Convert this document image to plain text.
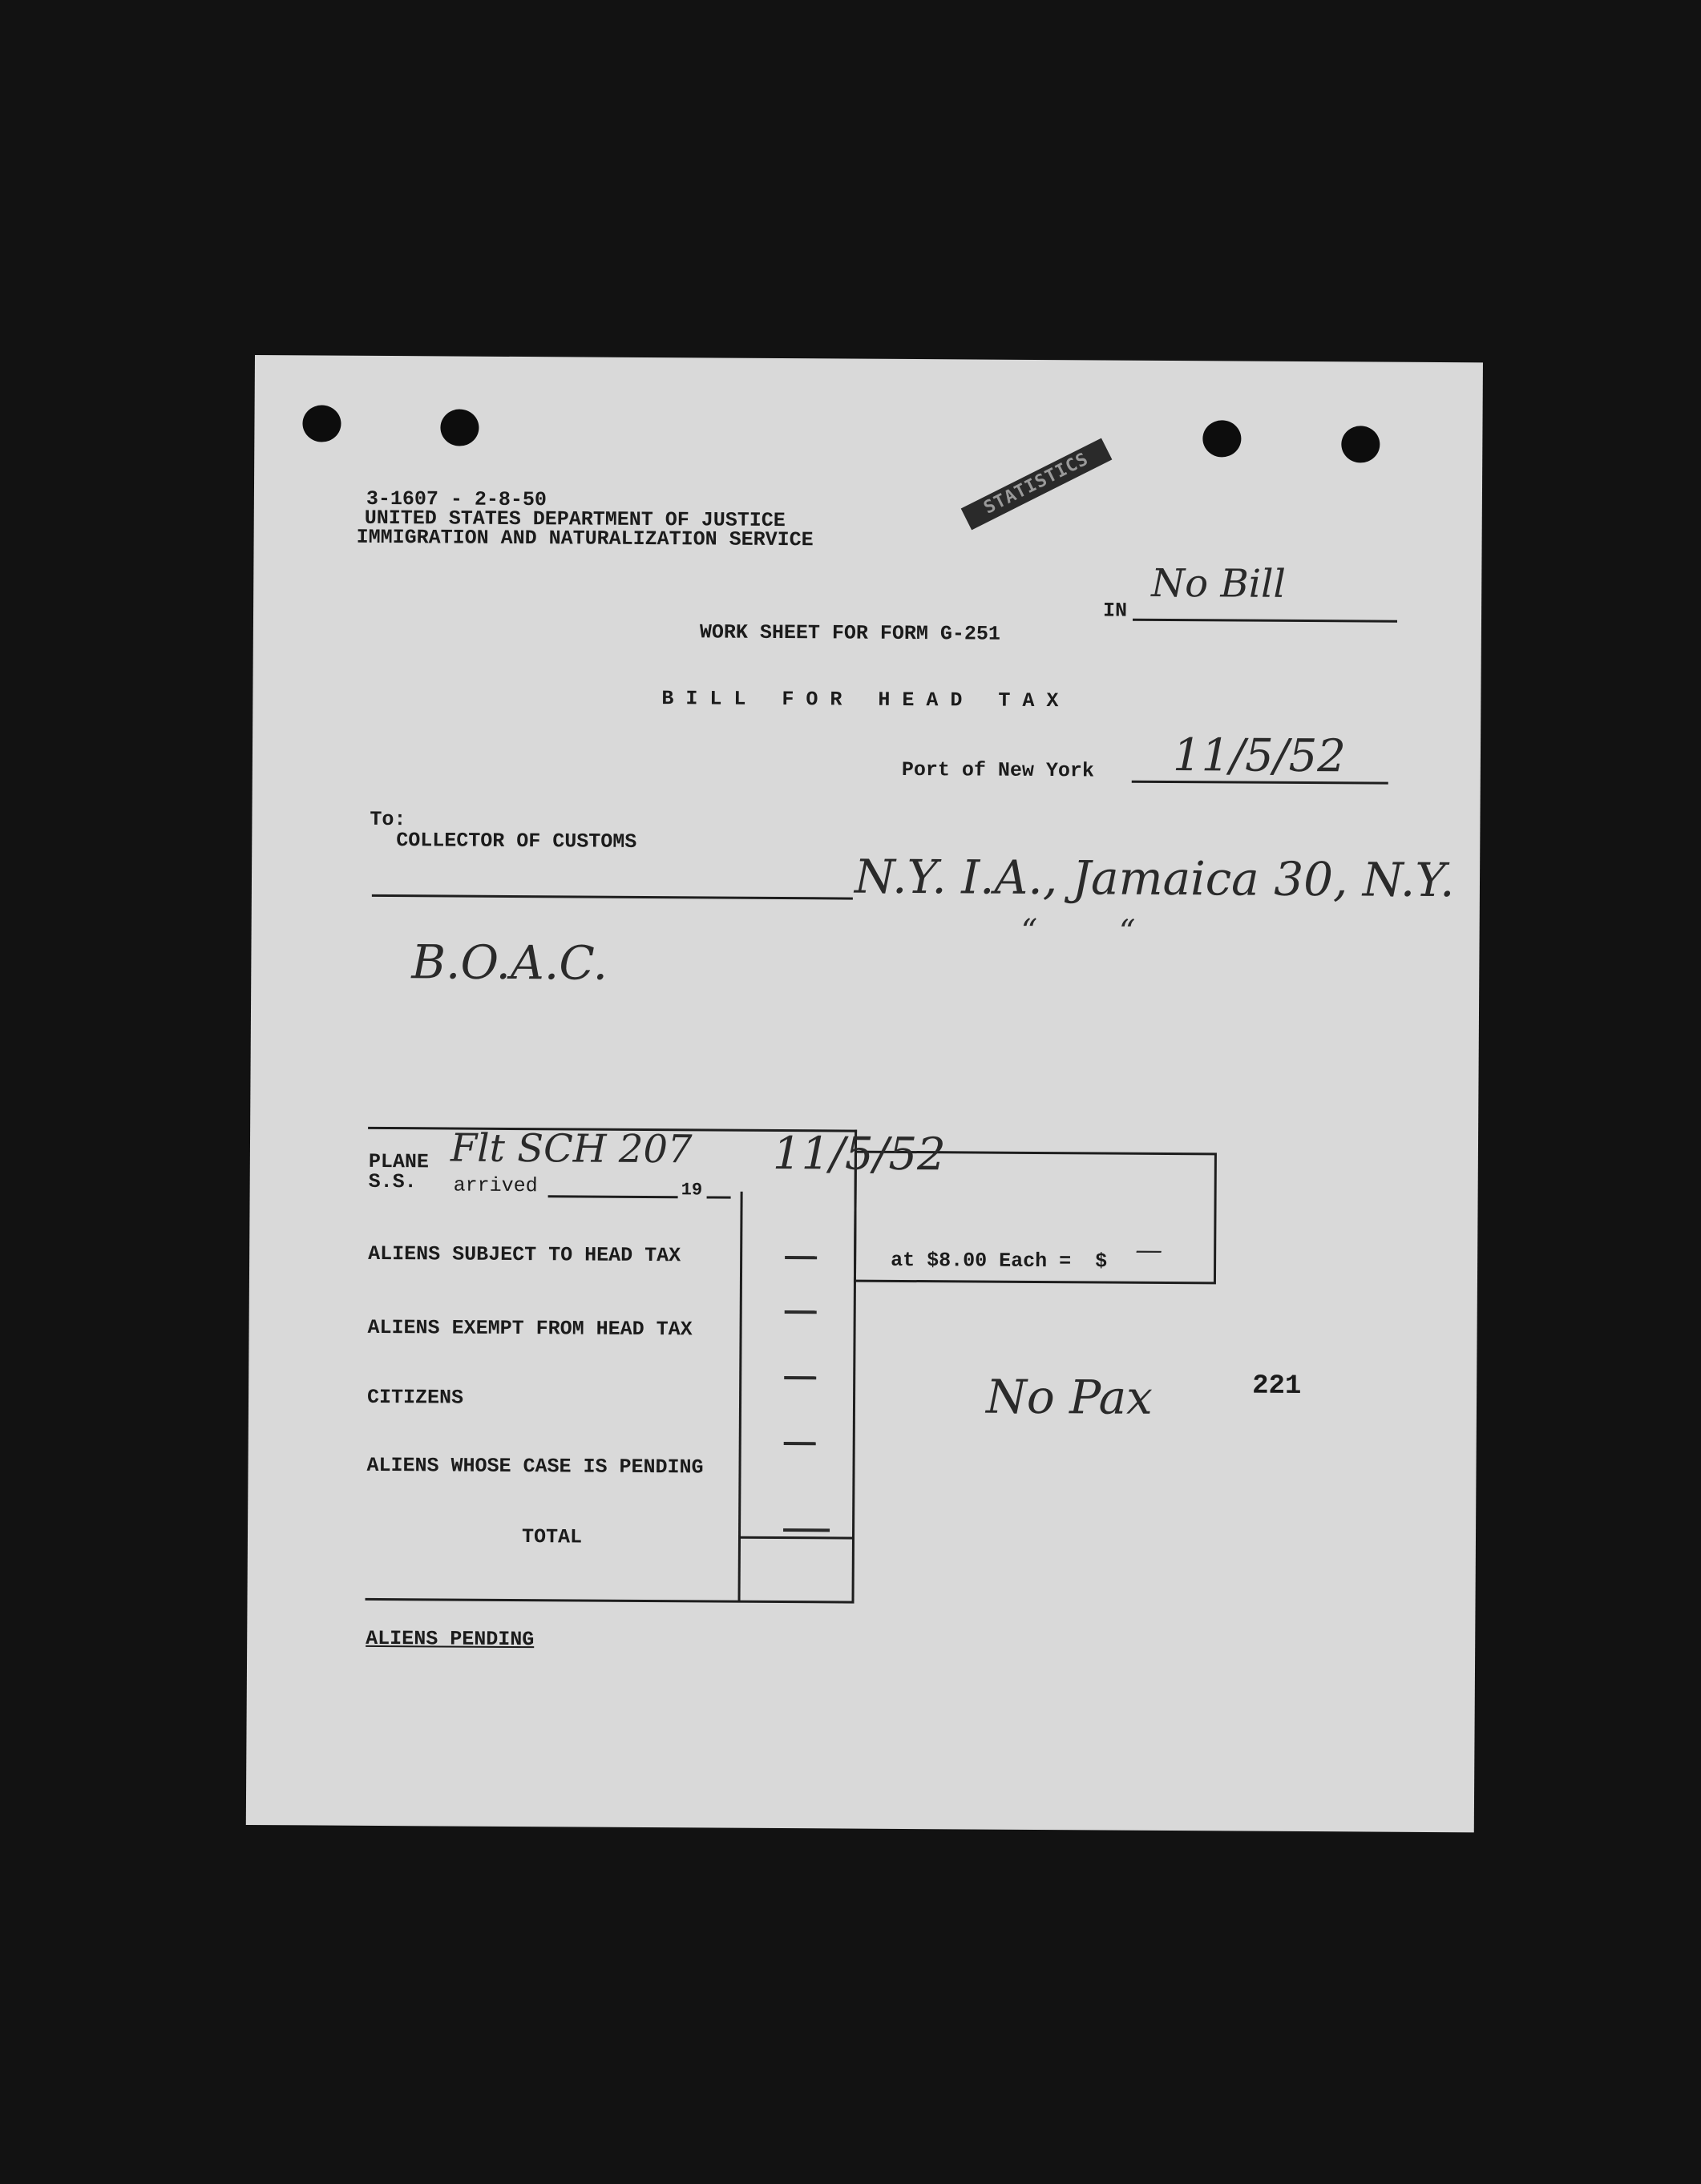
3-1607 - 2-8-50
UNITED STATES DEPARTMENT OF JUSTICE
IMMIGRATION AND NATURALIZATION SERVICE
STATISTICS
IN
No Bill
WORK SHEET FOR FORM G-251
B I L L   F O R   H E A D   T A X
Port of New York 11/5/52
To:
COLLECTOR OF CUSTOMS
N.Y. I.A., Jamaica 30, N.Y.
“        “
B.O.A.C.
at $8.00 Each =  $ —
PLANE
S.S. arrived	19
Flt SCH 207 11/5/52
ALIENS SUBJECT TO HEAD TAX
ALIENS EXEMPT FROM HEAD TAX
CITIZENS
ALIENS WHOSE CASE IS PENDING
TOTAL
No Pax	221
ALIENS PENDING
